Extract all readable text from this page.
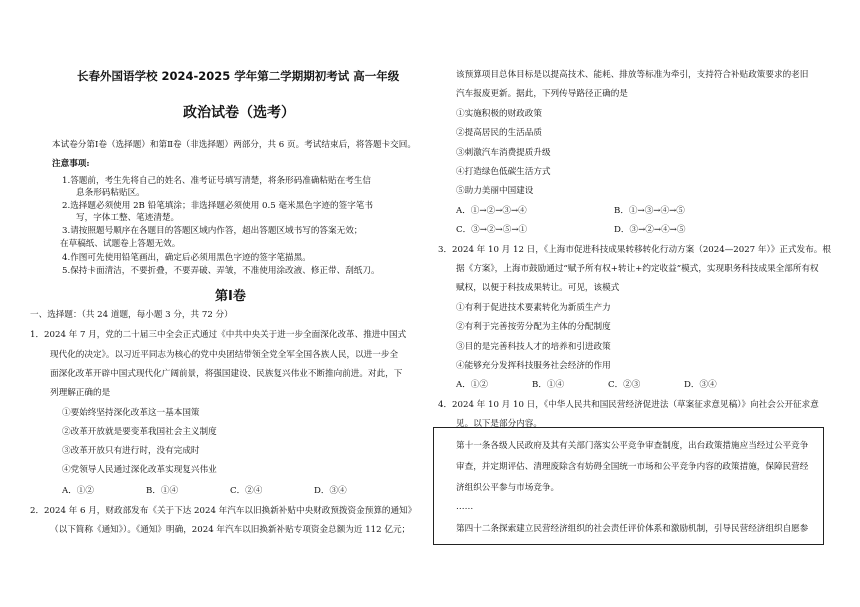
长春外国语学校 2024-2025 学年第二学期期初考试 高一年级
政治试卷（选考）
本试卷分第Ⅰ卷（选择题）和第Ⅱ卷（非选择题）两部分，共 6 页。考试结束后，将答题卡交回。
注意事项:
1.答题前，考生先将自己的姓名、准考证号填写清楚，将条形码准确粘贴在考生信
息条形码粘贴区。
2.选择题必须使用 2B 铅笔填涂；非选择题必须使用 0.5 毫米黑色字迹的签字笔书
写，字体工整、笔迹清楚。
3.请按照题号顺序在各题目的答题区域内作答，超出答题区域书写的答案无效；
在草稿纸、试题卷上答题无效。
4.作图可先使用铅笔画出，确定后必须用黑色字迹的签字笔描黑。
5.保持卡面清洁，不要折叠，不要弄破、弄皱，不准使用涂改液、修正带、刮纸刀。
第Ⅰ卷
一、选择题：（共 24 道题，每小题 3 分，共 72 分）
1．2024 年 7 月，党的二十届三中全会正式通过《中共中央关于进一步全面深化改革、推进中国式
现代化的决定》。以习近平同志为核心的党中央团结带领全党全军全国各族人民，以进一步全
面深化改革开辟中国式现代化广阔前景，将强国建设、民族复兴伟业不断推向前进。对此，下
列理解正确的是
①要始终坚持深化改革这一基本国策
②改革开放就是要变革我国社会主义制度
③改革开放只有进行时，没有完成时
④党领导人民通过深化改革实现复兴伟业
A．①②	B．①④	C．②④	D．③④
2．2024 年 6 月，财政部发布《关于下达 2024 年汽车以旧换新补贴中央财政预拨资金预算的通知》
（以下简称《通知》）。《通知》明确，2024 年汽车以旧换新补贴专项资金总额为近 112 亿元；
该预算项目总体目标是以提高技术、能耗、排放等标准为牵引，支持符合补贴政策要求的老旧
汽车报废更新。据此，下列传导路径正确的是
①实施积极的财政政策
②提高居民的生活品质
③刺激汽车消费提质升级
④打造绿色低碳生活方式
⑤助力美丽中国建设
A．①→②→③→④	B．①→③→④→⑤
C．③→②→⑤→①	D．③→②→④→⑤
3．2024 年 10 月 12 日，《上海市促进科技成果转移转化行动方案（2024—2027 年）》正式发布。根
据《方案》，上海市鼓励通过“赋予所有权+转让+约定收益”模式，实现职务科技成果全部所有权
赋权，以便于科技成果转让。可见，该模式
①有利于促进技术要素转化为新质生产力
②有利于完善按劳分配为主体的分配制度
③目的是完善科技人才的培养和引进政策
④能够充分发挥科技服务社会经济的作用
A．①②	B．①④	C．②③	D．③④
4．2024 年 10 月 10 日，《中华人民共和国民营经济促进法（草案征求意见稿）》向社会公开征求意
见。以下是部分内容。
第十一条各级人民政府及其有关部门落实公平竞争审查制度，出台政策措施应当经过公平竞争
审查，并定期评估、清理废除含有妨碍全国统一市场和公平竞争内容的政策措施，保障民营经
济组织公平参与市场竞争。
……
第四十二条探索建立民营经济组织的社会责任评价体系和激励机制，引导民营经济组织自愿参
